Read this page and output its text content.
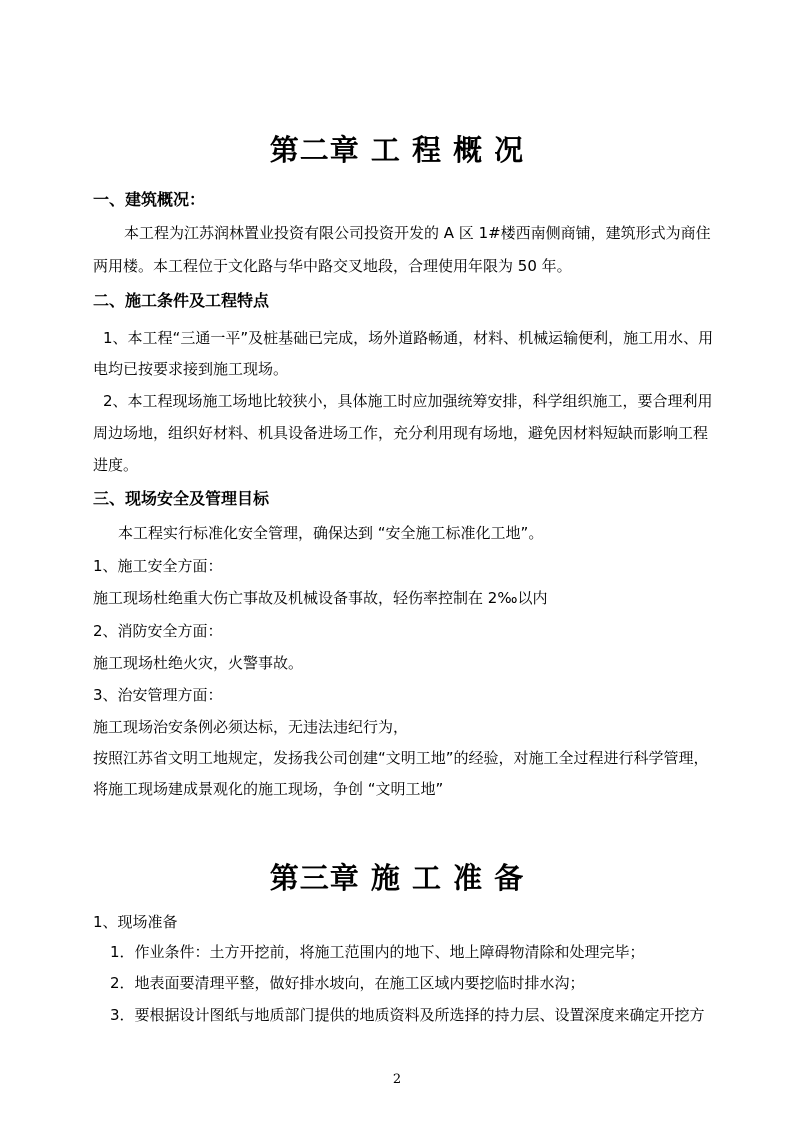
第二章 工 程 概 况
一、建筑概况：
本工程为江苏润林置业投资有限公司投资开发的 A 区 1#楼西南侧商铺，建筑形式为商住
两用楼。本工程位于文化路与华中路交叉地段，合理使用年限为 50 年。
二、施工条件及工程特点
1、本工程“三通一平”及桩基础已完成，场外道路畅通，材料、机械运输便利，施工用水、用
电均已按要求接到施工现场。
2、本工程现场施工场地比较狭小，具体施工时应加强统筹安排，科学组织施工，要合理利用
周边场地，组织好材料、机具设备进场工作，充分利用现有场地，避免因材料短缺而影响工程
进度。
三、现场安全及管理目标
本工程实行标准化安全管理，确保达到 “安全施工标准化工地”。
1、施工安全方面：
施工现场杜绝重大伤亡事故及机械设备事故，轻伤率控制在 2‰以内
2、消防安全方面：
施工现场杜绝火灾，火警事故。
3、治安管理方面：
施工现场治安条例必须达标，无违法违纪行为，
按照江苏省文明工地规定，发扬我公司创建“文明工地”的经验，对施工全过程进行科学管理，
将施工现场建成景观化的施工现场，争创 “文明工地”
第三章 施 工 准 备
1、现场准备
1．作业条件：土方开挖前，将施工范围内的地下、地上障碍物清除和处理完毕；
2．地表面要清理平整，做好排水坡向，在施工区域内要挖临时排水沟；
3．要根据设计图纸与地质部门提供的地质资料及所选择的持力层、设置深度来确定开挖方
2
